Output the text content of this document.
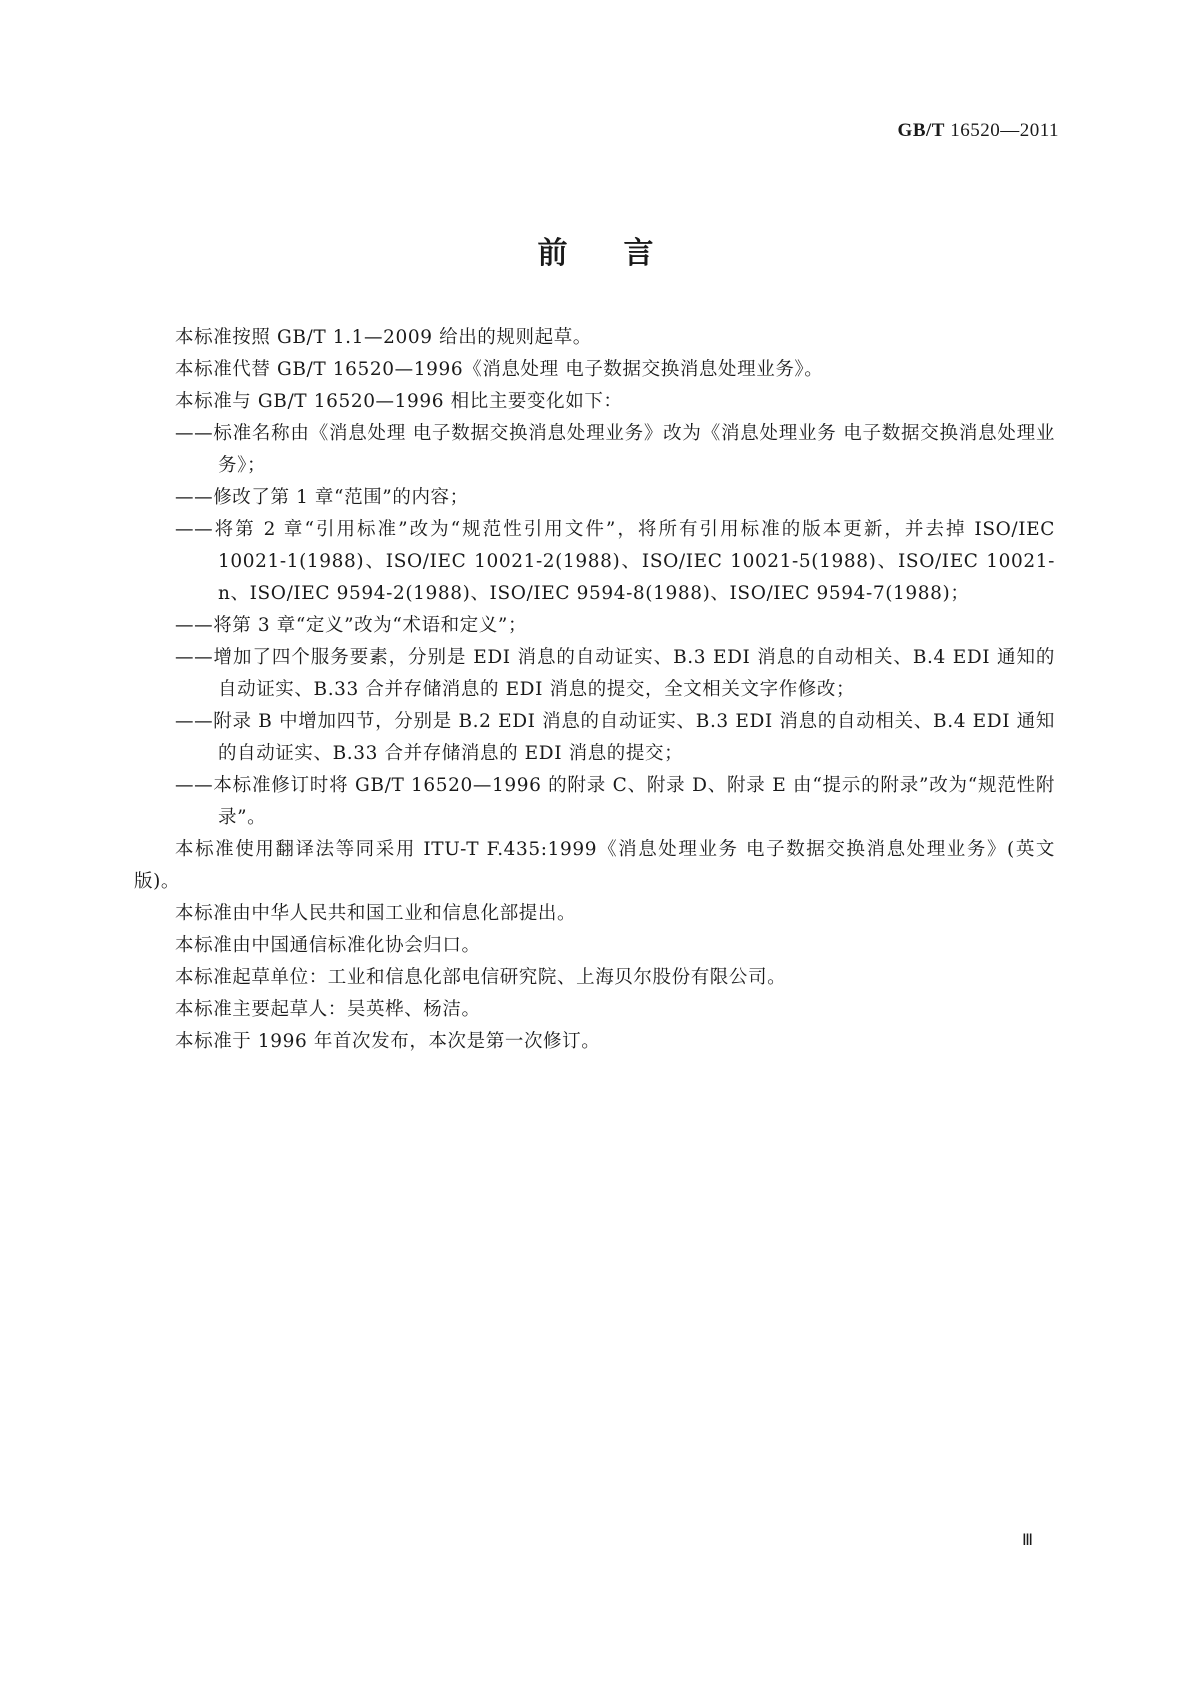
GB/T 16520—2011
前 言

本标准按照 GB/T 1.1—2009 给出的规则起草。

本标准代替 GB/T 16520—1996《消息处理 电子数据交换消息处理业务》。

本标准与 GB/T 16520—1996 相比主要变化如下：

——标准名称由《消息处理 电子数据交换消息处理业务》改为《消息处理业务 电子数据交换消息处理业务》；

——修改了第 1 章“范围”的内容；

——将第 2 章“引用标准”改为“规范性引用文件”，将所有引用标准的版本更新，并去掉 ISO/IEC 10021-1(1988)、ISO/IEC 10021-2(1988)、ISO/IEC 10021-5(1988)、ISO/IEC 10021-n、ISO/IEC 9594-2(1988)、ISO/IEC 9594-8(1988)、ISO/IEC 9594-7(1988)；

——将第 3 章“定义”改为“术语和定义”；

——增加了四个服务要素，分别是 EDI 消息的自动证实、B.3 EDI 消息的自动相关、B.4 EDI 通知的自动证实、B.33 合并存储消息的 EDI 消息的提交，全文相关文字作修改；

——附录 B 中增加四节，分别是 B.2 EDI 消息的自动证实、B.3 EDI 消息的自动相关、B.4 EDI 通知的自动证实、B.33 合并存储消息的 EDI 消息的提交；

——本标准修订时将 GB/T 16520—1996 的附录 C、附录 D、附录 E 由“提示的附录”改为“规范性附录”。

本标准使用翻译法等同采用 ITU-T F.435:1999《消息处理业务 电子数据交换消息处理业务》(英文版)。

本标准由中华人民共和国工业和信息化部提出。

本标准由中国通信标准化协会归口。

本标准起草单位：工业和信息化部电信研究院、上海贝尔股份有限公司。

本标准主要起草人：吴英桦、杨洁。

本标准于 1996 年首次发布，本次是第一次修订。

Ⅲ
